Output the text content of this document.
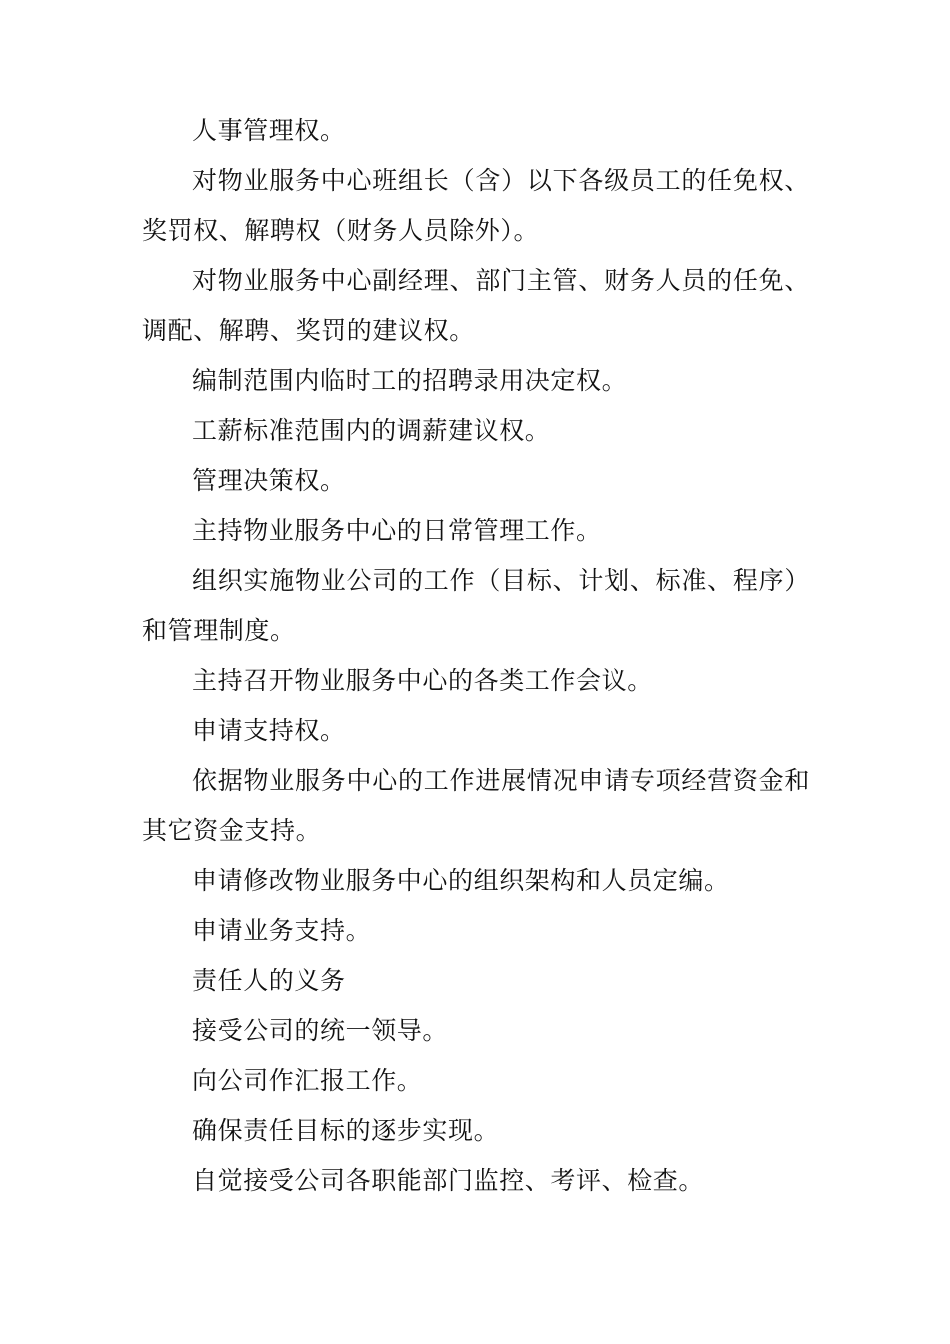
人事管理权。

对物业服务中心班组长（含）以下各级员工的任免权、奖罚权、解聘权（财务人员除外）。

对物业服务中心副经理、部门主管、财务人员的任免、调配、解聘、奖罚的建议权。

编制范围内临时工的招聘录用决定权。

工薪标准范围内的调薪建议权。

管理决策权。

主持物业服务中心的日常管理工作。

组织实施物业公司的工作（目标、计划、标准、程序）和管理制度。

主持召开物业服务中心的各类工作会议。

申请支持权。

依据物业服务中心的工作进展情况申请专项经营资金和其它资金支持。

申请修改物业服务中心的组织架构和人员定编。

申请业务支持。

责任人的义务

接受公司的统一领导。

向公司作汇报工作。

确保责任目标的逐步实现。

自觉接受公司各职能部门监控、考评、检查。
